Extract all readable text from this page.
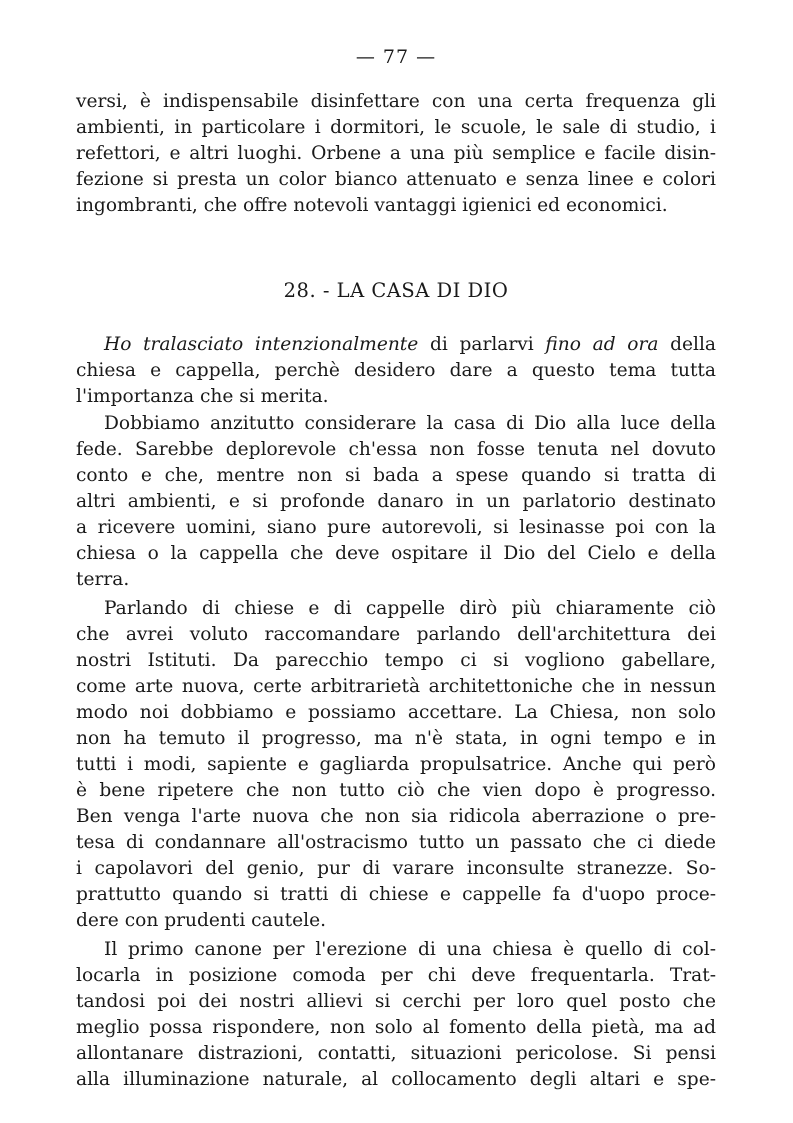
— 77 —
versi, è indispensabile disinfettare con una certa frequenza gli
ambienti, in particolare i dormitori, le scuole, le sale di studio, i
refettori, e altri luoghi. Orbene a una più semplice e facile disin-
fezione si presta un color bianco attenuato e senza linee e colori
ingombranti, che offre notevoli vantaggi igienici ed economici.
28. - LA CASA DI DIO
Ho tralasciato intenzionalmente di parlarvi fino ad ora della
chiesa e cappella, perchè desidero dare a questo tema tutta
l'importanza che si merita.
Dobbiamo anzitutto considerare la casa di Dio alla luce della
fede. Sarebbe deplorevole ch'essa non fosse tenuta nel dovuto
conto e che, mentre non si bada a spese quando si tratta di
altri ambienti, e si profonde danaro in un parlatorio destinato
a ricevere uomini, siano pure autorevoli, si lesinasse poi con la
chiesa o la cappella che deve ospitare il Dio del Cielo e della
terra.
Parlando di chiese e di cappelle dirò più chiaramente ciò
che avrei voluto raccomandare parlando dell'architettura dei
nostri Istituti. Da parecchio tempo ci si vogliono gabellare,
come arte nuova, certe arbitrarietà architettoniche che in nessun
modo noi dobbiamo e possiamo accettare. La Chiesa, non solo
non ha temuto il progresso, ma n'è stata, in ogni tempo e in
tutti i modi, sapiente e gagliarda propulsatrice. Anche qui però
è bene ripetere che non tutto ciò che vien dopo è progresso.
Ben venga l'arte nuova che non sia ridicola aberrazione o pre-
tesa di condannare all'ostracismo tutto un passato che ci diede
i capolavori del genio, pur di varare inconsulte stranezze. So-
prattutto quando si tratti di chiese e cappelle fa d'uopo proce-
dere con prudenti cautele.
Il primo canone per l'erezione di una chiesa è quello di col-
locarla in posizione comoda per chi deve frequentarla. Trat-
tandosi poi dei nostri allievi si cerchi per loro quel posto che
meglio possa rispondere, non solo al fomento della pietà, ma ad
allontanare distrazioni, contatti, situazioni pericolose. Si pensi
alla illuminazione naturale, al collocamento degli altari e spe-
